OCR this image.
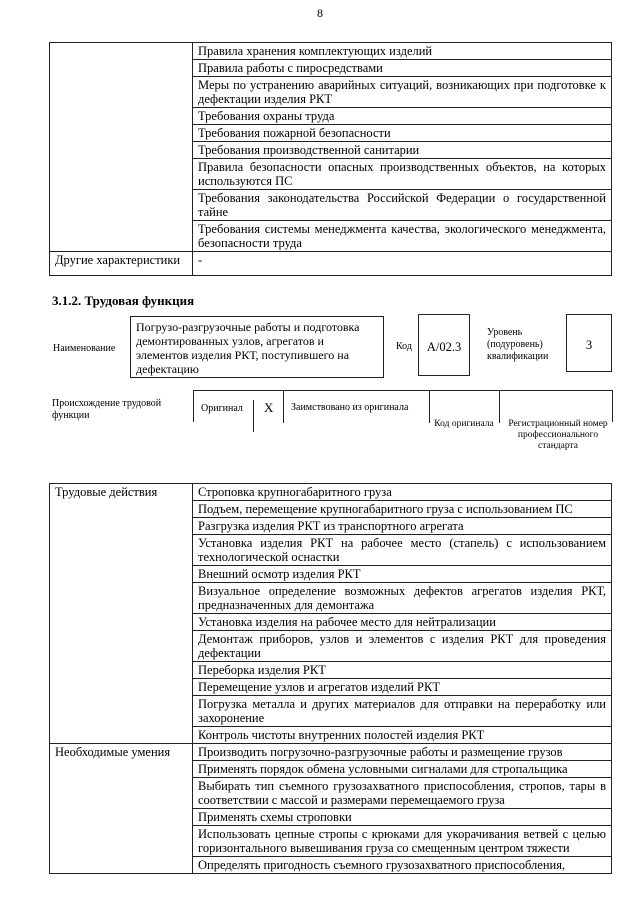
8
	Правила хранения комплектующих изделий
	Правила работы с пиросредствами
	Меры по устранению аварийных ситуаций, возникающих при подготовке к дефектации изделия РКТ
	Требования охраны труда
	Требования пожарной безопасности
	Требования производственной санитарии
	Правила безопасности опасных производственных объектов, на которых используются ПС
	Требования законодательства Российской Федерации о государственной тайне
	Требования системы менеджмента качества, экологического менеджмента, безопасности труда
Другие характеристики	-
3.1.2. Трудовая функция
Наименование
Погрузо-разгрузочные работы и подготовка демонтированных узлов, агрегатов и элементов изделия РКТ, поступившего на дефектацию
Код	А/02.3
Уровень (подуровень) квалификации
3
Происхождение трудовой функции
Оригинал X Заимствовано из оригинала
Код оригинала	Регистрационный номер профессионального стандарта
Трудовые действия	Строповка крупногабаритного груза
	Подъем, перемещение крупногабаритного груза с использованием ПС
	Разгрузка изделия РКТ из транспортного агрегата
	Установка изделия РКТ на рабочее место (стапель) с использованием технологической оснастки
	Внешний осмотр изделия РКТ
	Визуальное определение возможных дефектов агрегатов изделия РКТ, предназначенных для демонтажа
	Установка изделия на рабочее место для нейтрализации
	Демонтаж приборов, узлов и элементов с изделия РКТ для проведения дефектации
	Переборка изделия РКТ
	Перемещение узлов и агрегатов изделий РКТ
	Погрузка металла и других материалов для отправки на переработку или захоронение
	Контроль чистоты внутренних полостей изделия РКТ
Необходимые умения	Производить погрузочно-разгрузочные работы и размещение грузов
	Применять порядок обмена условными сигналами для стропальщика
	Выбирать тип съемного грузозахватного приспособления, стропов, тары в соответствии с массой и размерами перемещаемого груза
	Применять схемы строповки
	Использовать цепные стропы с крюками для укорачивания ветвей с целью горизонтального вывешивания груза со смещенным центром тяжести
	Определять пригодность съемного грузозахватного приспособления,
